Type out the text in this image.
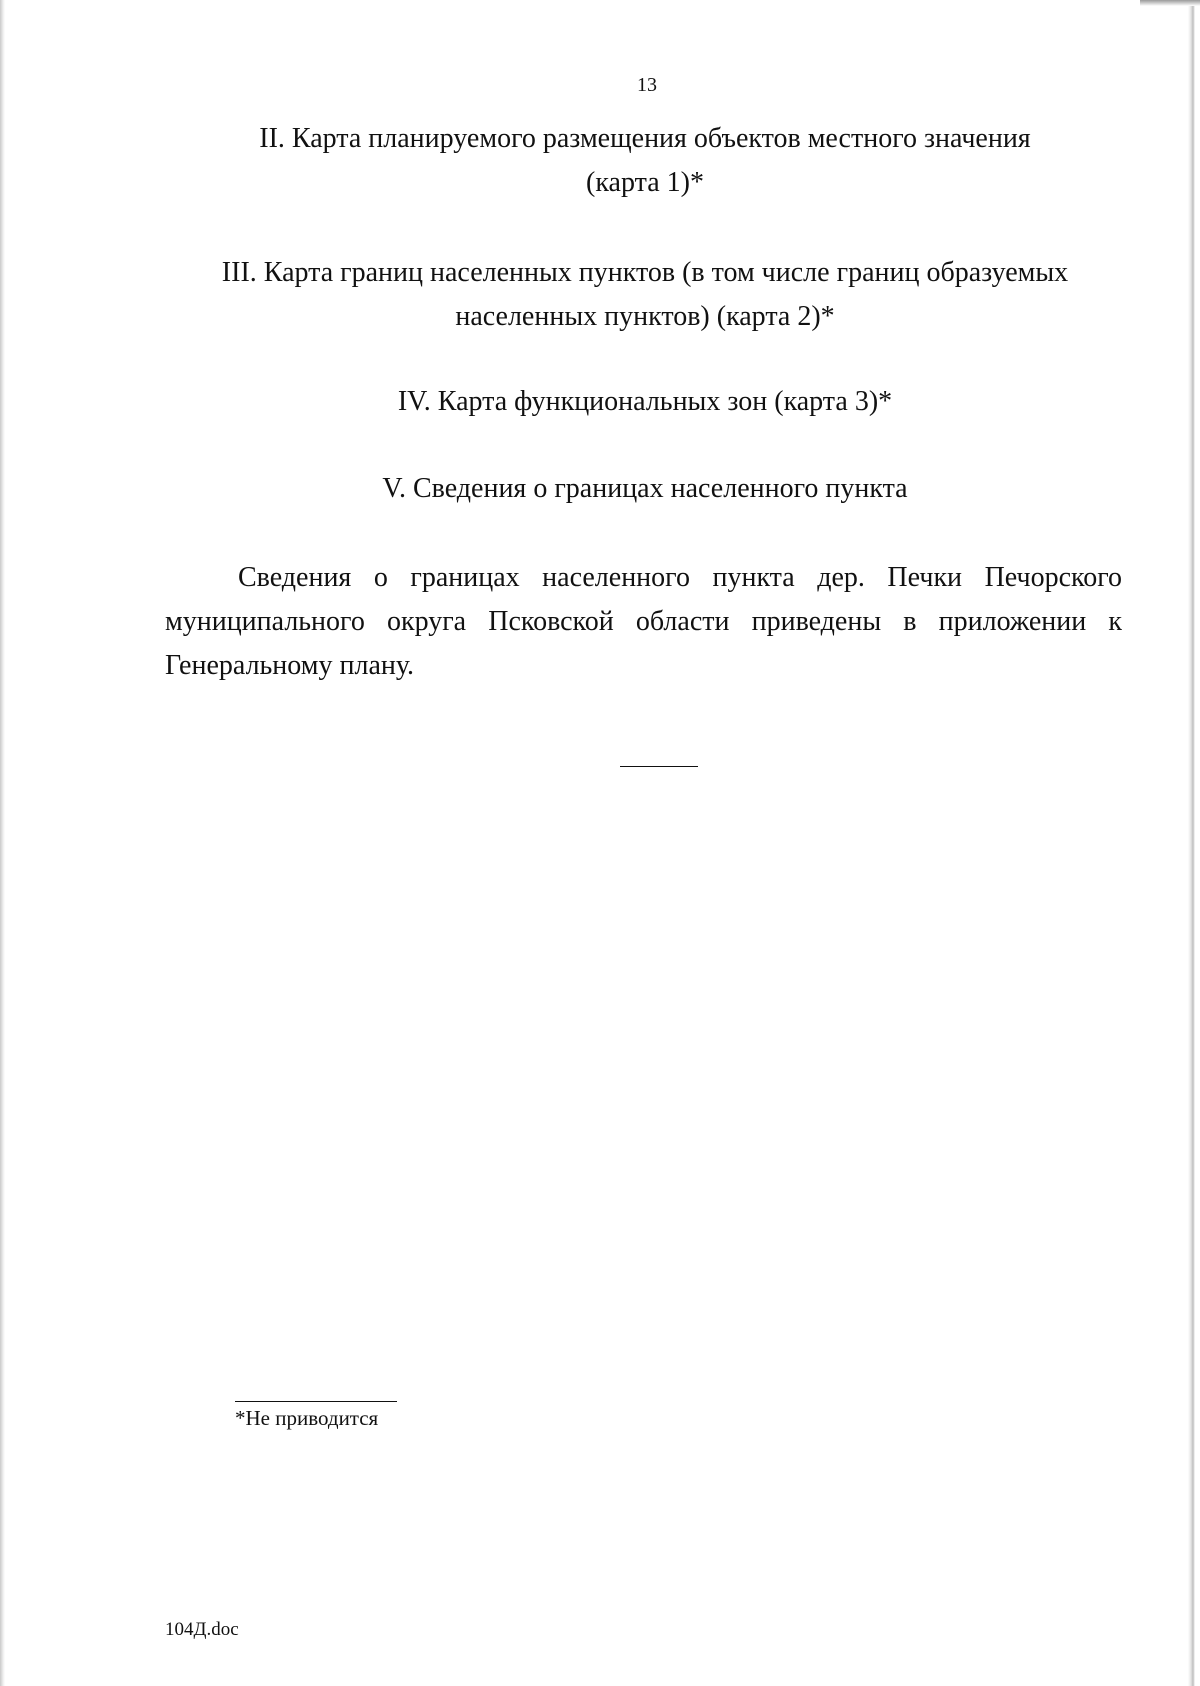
13
II. Карта планируемого размещения объектов местного значения
(карта 1)*
III. Карта границ населенных пунктов (в том числе границ образуемых
населенных пунктов) (карта 2)*
IV. Карта функциональных зон (карта 3)*
V. Сведения о границах населенного пункта

Сведения о границах населенного пункта дер. Печки Печорского муниципального округа Псковской области приведены в приложении к Генеральному плану.

*Не приводится
104Д.doc
